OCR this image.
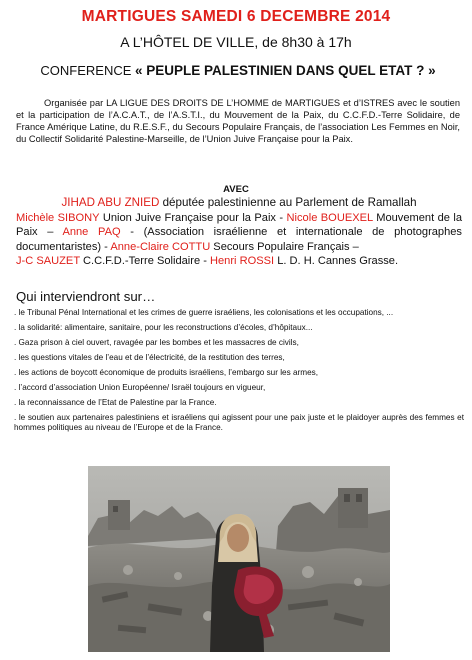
MARTIGUES SAMEDI 6 DECEMBRE 2014
A L’HÔTEL DE VILLE, de 8h30 à 17h
CONFERENCE « PEUPLE PALESTINIEN DANS QUEL ETAT ? »
Organisée par LA LIGUE DES DROITS DE L’HOMME de MARTIGUES et d’ISTRES avec le soutien et la participation de l’A.C.A.T., de l’A.S.T.I., du Mouvement de la Paix, du C.C.F.D.-Terre Solidaire, de France Amérique Latine, du R.E.S.F., du Secours Populaire Français, de l’association Les Femmes en Noir, du Collectif Solidarité Palestine-Marseille, de l’Union Juive Française pour la Paix.
AVEC
JIHAD ABU ZNIED députée palestinienne au Parlement de Ramallah
Michèle SIBONY Union Juive Française pour la Paix - Nicole BOUEXEL Mouvement de la Paix – Anne PAQ - (Association israélienne et internationale de photographes documentaristes) - Anne-Claire COTTU Secours Populaire Français –
J-C SAUZET C.C.F.D.-Terre Solidaire - Henri ROSSI L. D. H. Cannes Grasse.
Qui interviendront sur…
. le Tribunal Pénal International et les crimes de guerre israéliens, les colonisations et les occupations, ...
. la solidarité: alimentaire, sanitaire, pour les reconstructions d’écoles, d’hôpitaux...
. Gaza prison à ciel ouvert, ravagée par les bombes et les massacres de civils,
. les questions vitales de l’eau et de l’électricité, de la restitution des terres,
. les actions de boycott économique de produits israéliens, l’embargo sur les armes,
. l’accord d’association Union Européenne/ Israël toujours en vigueur,
. la reconnaissance de l’Etat de Palestine par la France.
. le soutien aux partenaires palestiniens et israéliens qui agissent pour une paix juste et le plaidoyer auprès des femmes et hommes politiques au niveau de l’Europe et de la France.
